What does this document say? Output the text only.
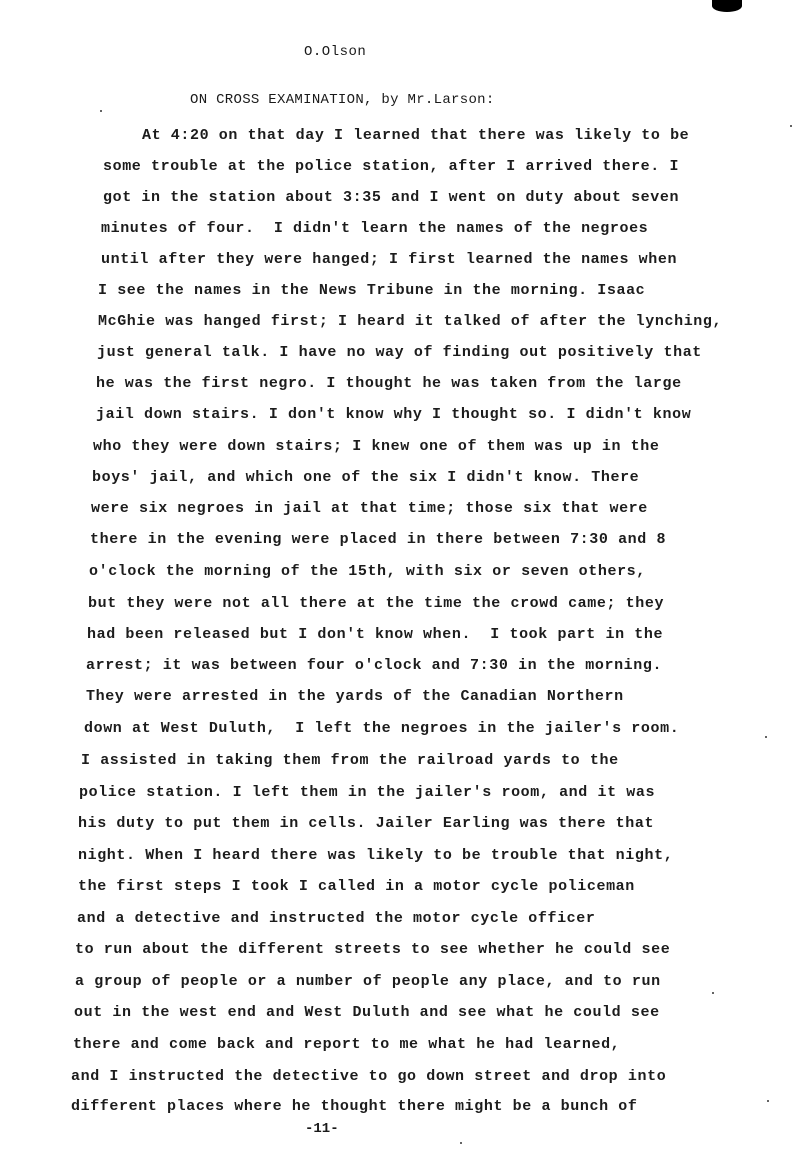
O.Olson
ON CROSS EXAMINATION, by Mr.Larson:
At 4:20 on that day I learned that there was likely to be
some trouble at the police station, after I arrived there. I
got in the station about 3:35 and I went on duty about seven
minutes of four.  I didn't learn the names of the negroes
until after they were hanged; I first learned the names when
I see the names in the News Tribune in the morning. Isaac
McGhie was hanged first; I heard it talked of after the lynching,
just general talk. I have no way of finding out positively that
he was the first negro. I thought he was taken from the large
jail down stairs. I don't know why I thought so. I didn't know
who they were down stairs; I knew one of them was up in the
boys' jail, and which one of the six I didn't know. There
were six negroes in jail at that time; those six that were
there in the evening were placed in there between 7:30 and 8
o'clock the morning of the 15th, with six or seven others,
but they were not all there at the time the crowd came; they
had been released but I don't know when.  I took part in the
arrest; it was between four o'clock and 7:30 in the morning.
They were arrested in the yards of the Canadian Northern
down at West Duluth,  I left the negroes in the jailer's room.
I assisted in taking them from the railroad yards to the
police station. I left them in the jailer's room, and it was
his duty to put them in cells. Jailer Earling was there that
night. When I heard there was likely to be trouble that night,
the first steps I took I called in a motor cycle policeman
and a detective and instructed the motor cycle officer
to run about the different streets to see whether he could see
a group of people or a number of people any place, and to run
out in the west end and West Duluth and see what he could see
there and come back and report to me what he had learned,
and I instructed the detective to go down street and drop into
different places where he thought there might be a bunch of
-11-
